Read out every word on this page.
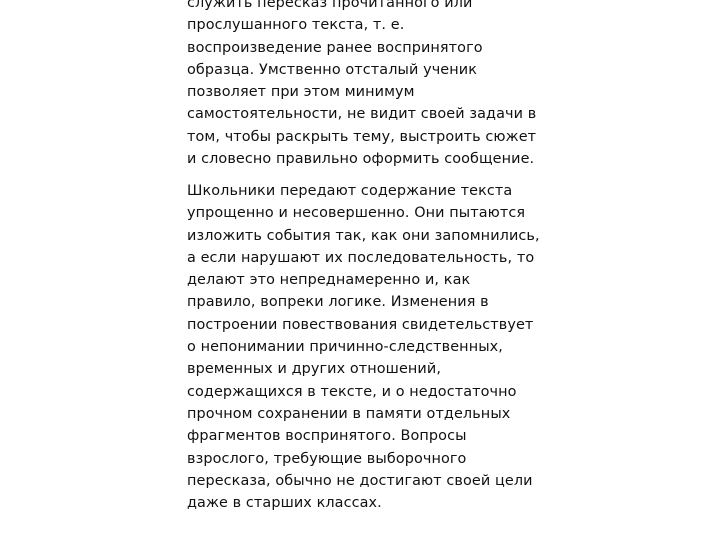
служить пересказ прочитанного или
прослушанного текста, т. е.
воспроизведение ранее воспринятого
образца. Умственно отсталый ученик
позволяет при этом минимум
самостоятельности, не видит своей задачи в
том, чтобы раскрыть тему, выстроить сюжет
и словесно правильно оформить сообщение.
Школьники передают содержание текста
упрощенно и несовершенно. Они пытаются
изложить события так, как они запомнились,
а если нарушают их последовательность, то
делают это непреднамеренно и, как
правило, вопреки логике. Изменения в
построении повествования свидетельствует
о непонимании причинно-следственных,
временных и других отношений,
содержащихся в тексте, и о недостаточно
прочном сохранении в памяти отдельных
фрагментов воспринятого. Вопросы
взрослого, требующие выборочного
пересказа, обычно не достигают своей цели
даже в старших классах.
